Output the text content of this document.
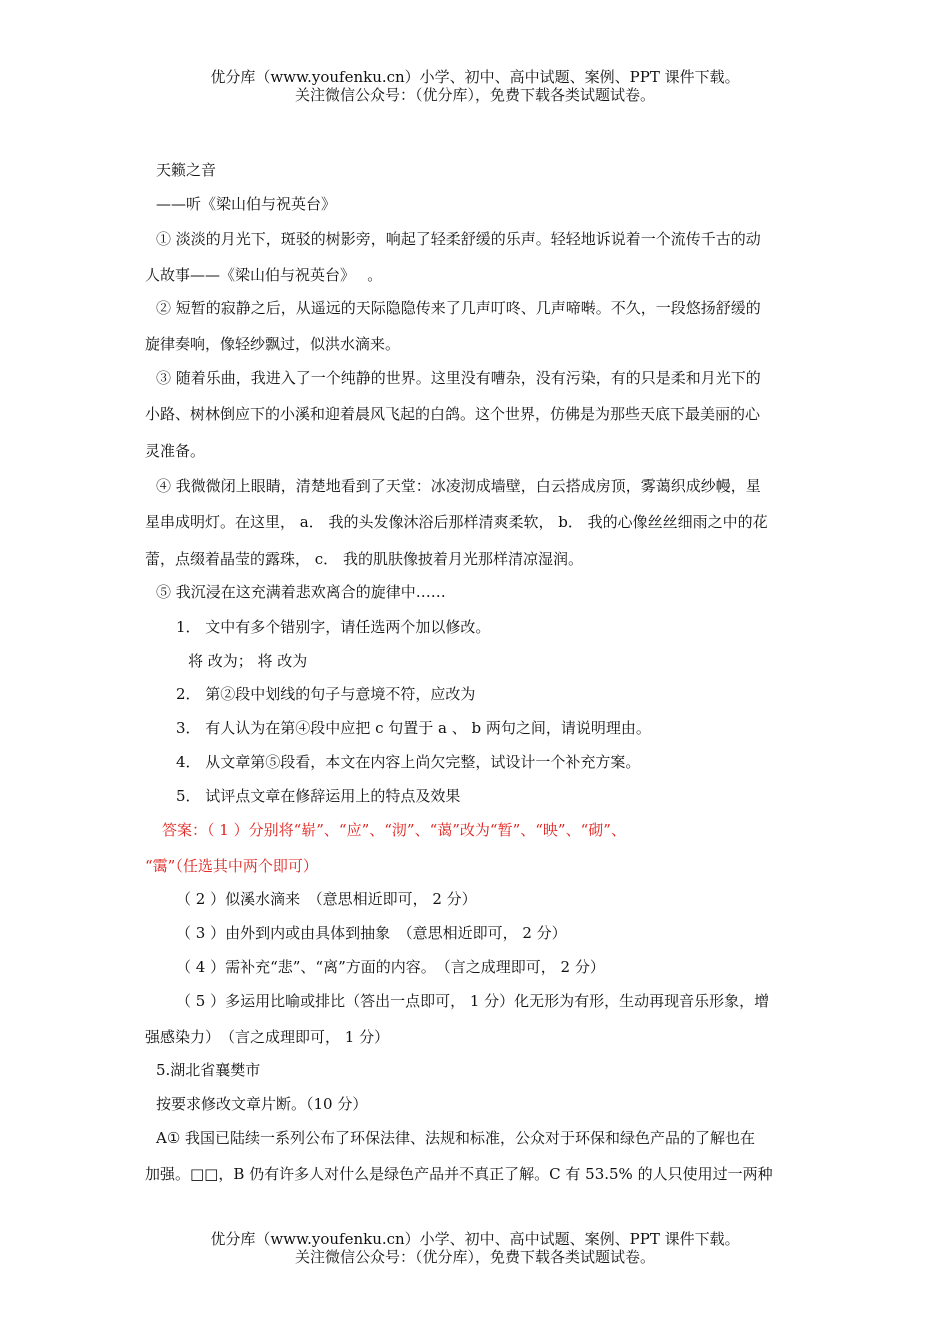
优分库（www.youfenku.cn）小学、初中、高中试题、案例、PPT 课件下载。
关注微信公众号：（优分库），免费下载各类试题试卷。
天籁之音
——听《梁山伯与祝英台》
① 淡淡的月光下，斑驳的树影旁，响起了轻柔舒缓的乐声。轻轻地诉说着一个流传千古的动
人故事——《梁山伯与祝英台》　 。
② 短暂的寂静之后，从遥远的天际隐隐传来了几声叮咚、几声啼啭。不久，一段悠扬舒缓的
旋律奏响，像轻纱飘过，似洪水滴来。
③ 随着乐曲，我进入了一个纯静的世界。这里没有嘈杂，没有污染，有的只是柔和月光下的
小路、树林倒应下的小溪和迎着晨风飞起的白鸽。这个世界，仿佛是为那些天底下最美丽的心
灵准备。
④ 我微微闭上眼睛，清楚地看到了天堂：冰凌沏成墙壁，白云搭成房顶，雾蔼织成纱幔，星
星串成明灯。在这里， a． 我的头发像沐浴后那样清爽柔软， b． 我的心像丝丝细雨之中的花
蕾，点缀着晶莹的露珠， c． 我的肌肤像披着月光那样清凉湿润。
⑤ 我沉浸在这充满着悲欢离合的旋律中……
1． 文中有多个错别字，请任选两个加以修改。
将 改为； 将 改为
2． 第②段中划线的句子与意境不符，应改为
3． 有人认为在第④段中应把 c 句置于 a 、 b 两句之间，请说明理由。
4． 从文章第⑤段看，本文在内容上尚欠完整，试设计一个补充方案。
5． 试评点文章在修辞运用上的特点及效果
答案：（ 1 ）分别将“崭”、“应”、“沏”、“蔼”改为“暂”、“映”、“砌”、
“霭”（任选其中两个即可）
（ 2 ）似溪水滴来　（意思相近即可， 2 分）
（ 3 ）由外到内或由具体到抽象　（意思相近即可， 2 分）
（ 4 ）需补充“悲”、“离”方面的内容。　（言之成理即可， 2 分）
（ 5 ）多运用比喻或排比（答出一点即可， 1 分）化无形为有形，生动再现音乐形象，增
强感染力）　（言之成理即可， 1 分）
5.湖北省襄樊市
按要求修改文章片断。（10 分）
A① 我国已陆续一系列公布了环保法律、法规和标准，公众对于环保和绿色产品的了解也在
加强。□□，B 仍有许多人对什么是绿色产品并不真正了解。C 有 53.5% 的人只使用过一两种
优分库（www.youfenku.cn）小学、初中、高中试题、案例、PPT 课件下载。
关注微信公众号：（优分库），免费下载各类试题试卷。
